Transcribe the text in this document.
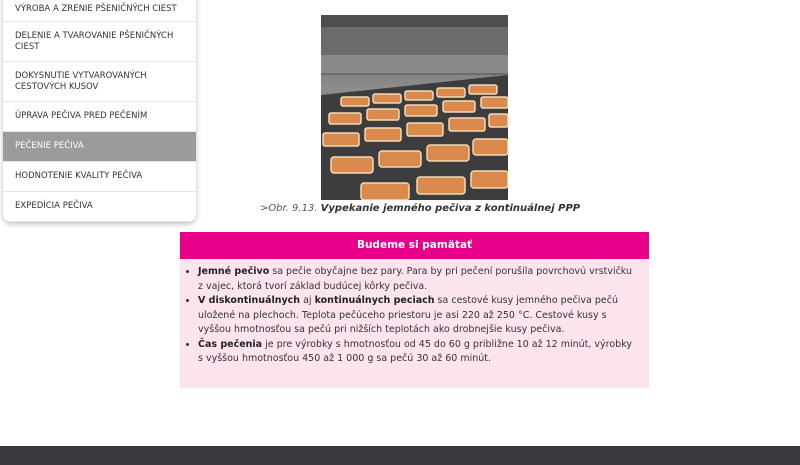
VÝROBA A ZRENIE PŠENIČNÝCH CIEST
DELENIE A TVAROVANIE PŠENIČNÝCH CIEST
DOKYSNUTIE VYTVAROVANÝCH CESTOVÝCH KUSOV
ÚPRAVA PEČIVA PRED PEČENÍM
PEČENIE PEČIVA
HODNOTENIE KVALITY PEČIVA
EXPEDÍCIA PEČIVA	>Obr. 9.13. Vypekanie jemného pečiva z kontinuálnej PPP
Budeme si pamätať
• Jemné pečivo sa pečie obyčajne bez pary. Para by pri pečení porušila povrchovú vrstvičku z vajec, ktorá tvorí základ budúcej kôrky pečiva.
• V diskontinuálnych aj kontinuálnych peciach sa cestové kusy jemného pečiva pečú uložené na plechoch. Teplota pečúceho priestoru je asi 220 až 250 °C. Cestové kusy s vyššou hmotnosťou sa pečú pri nižších teplotách ako drobnejšie kusy pečiva.
• Čas pečenia je pre výrobky s hmotnosťou od 45 do 60 g približne 10 až 12 minút, výrobky s vyššou hmotnosťou 450 až 1 000 g sa pečú 30 až 60 minút.
